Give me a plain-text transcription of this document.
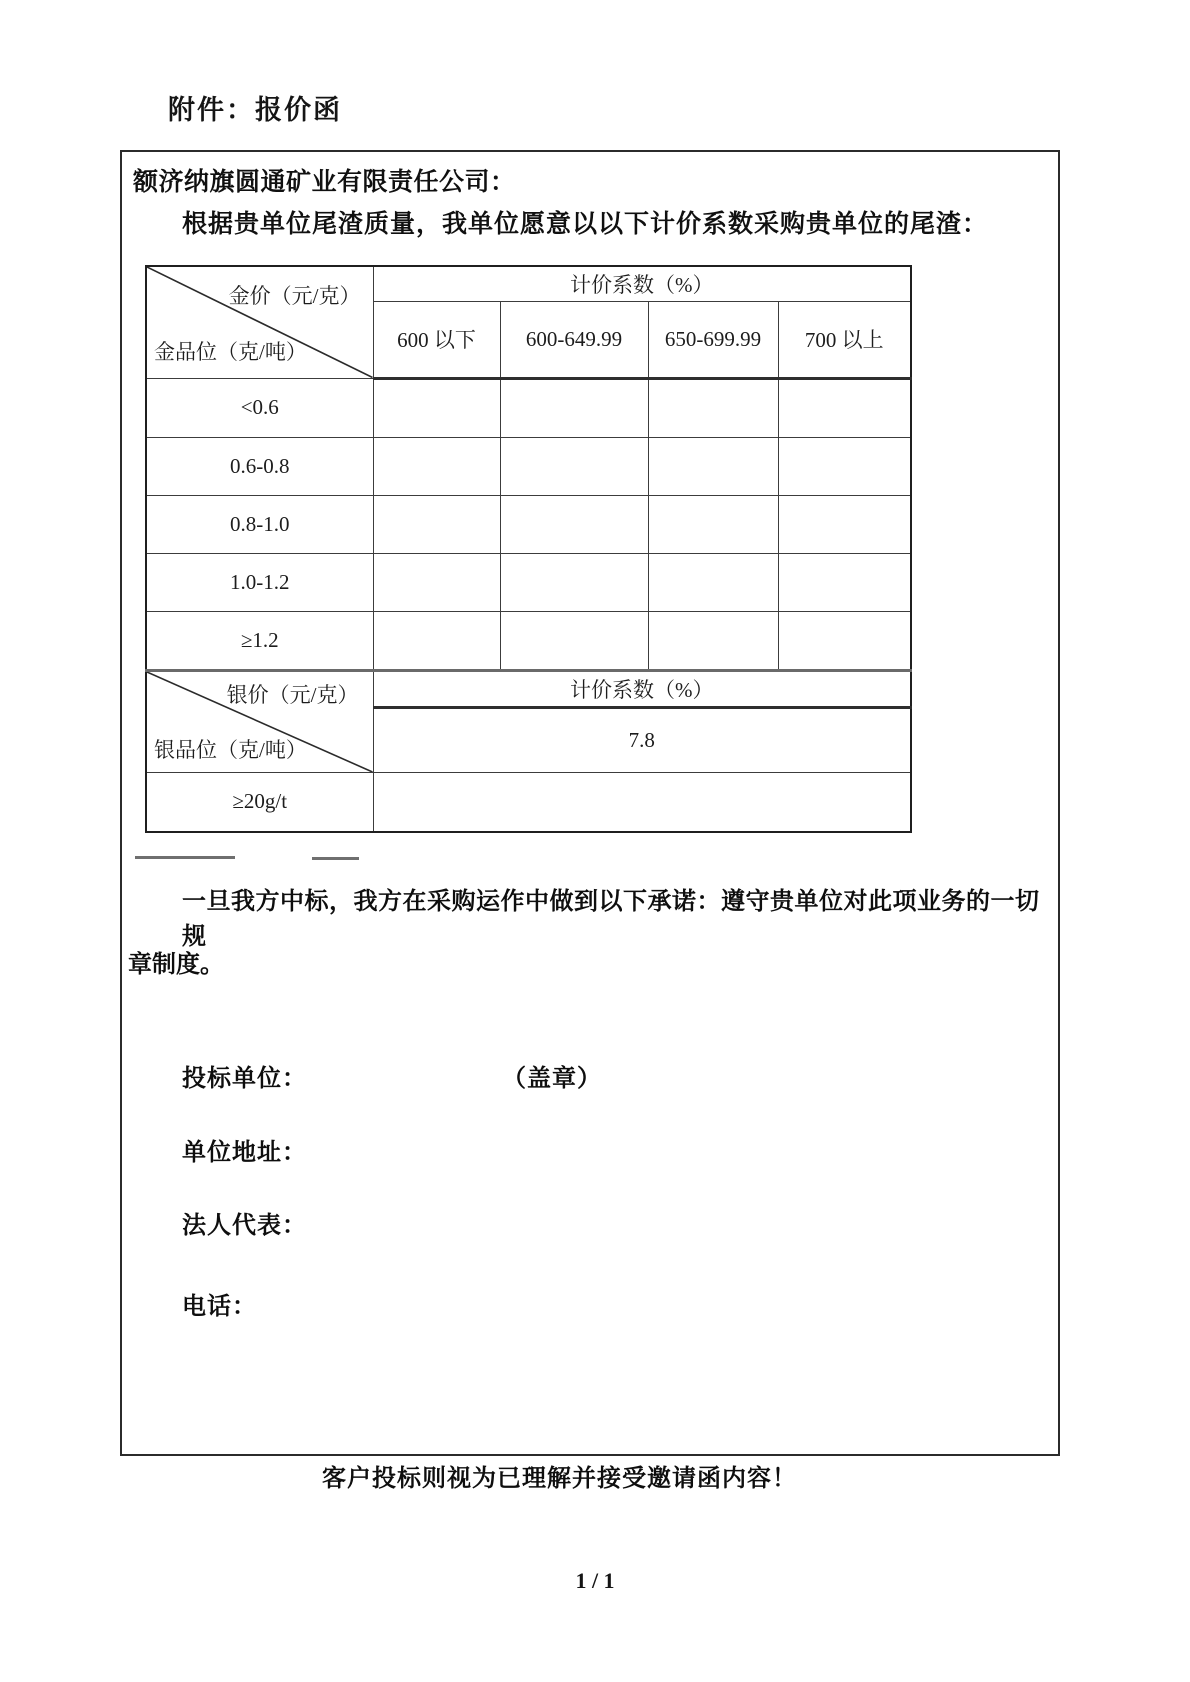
附件：报价函
额济纳旗圆通矿业有限责任公司：
根据贵单位尾渣质量，我单位愿意以以下计价系数采购贵单位的尾渣：
金价（元/克）
金品位（克/吨）	计价系数（%）			
	600 以下	600-649.99	650-699.99	700 以上
<0.6				
0.6-0.8				
0.8-1.0				
1.0-1.2				
≥1.2				

银价（元/克）
银品位（克/吨）	计价系数（%）			
	7.8			
≥20g/t				
一旦我方中标，我方在采购运作中做到以下承诺：遵守贵单位对此项业务的一切规
章制度。
投标单位：	（盖章）
单位地址：
法人代表：
电话：
客户投标则视为已理解并接受邀请函内容！
1 / 1
